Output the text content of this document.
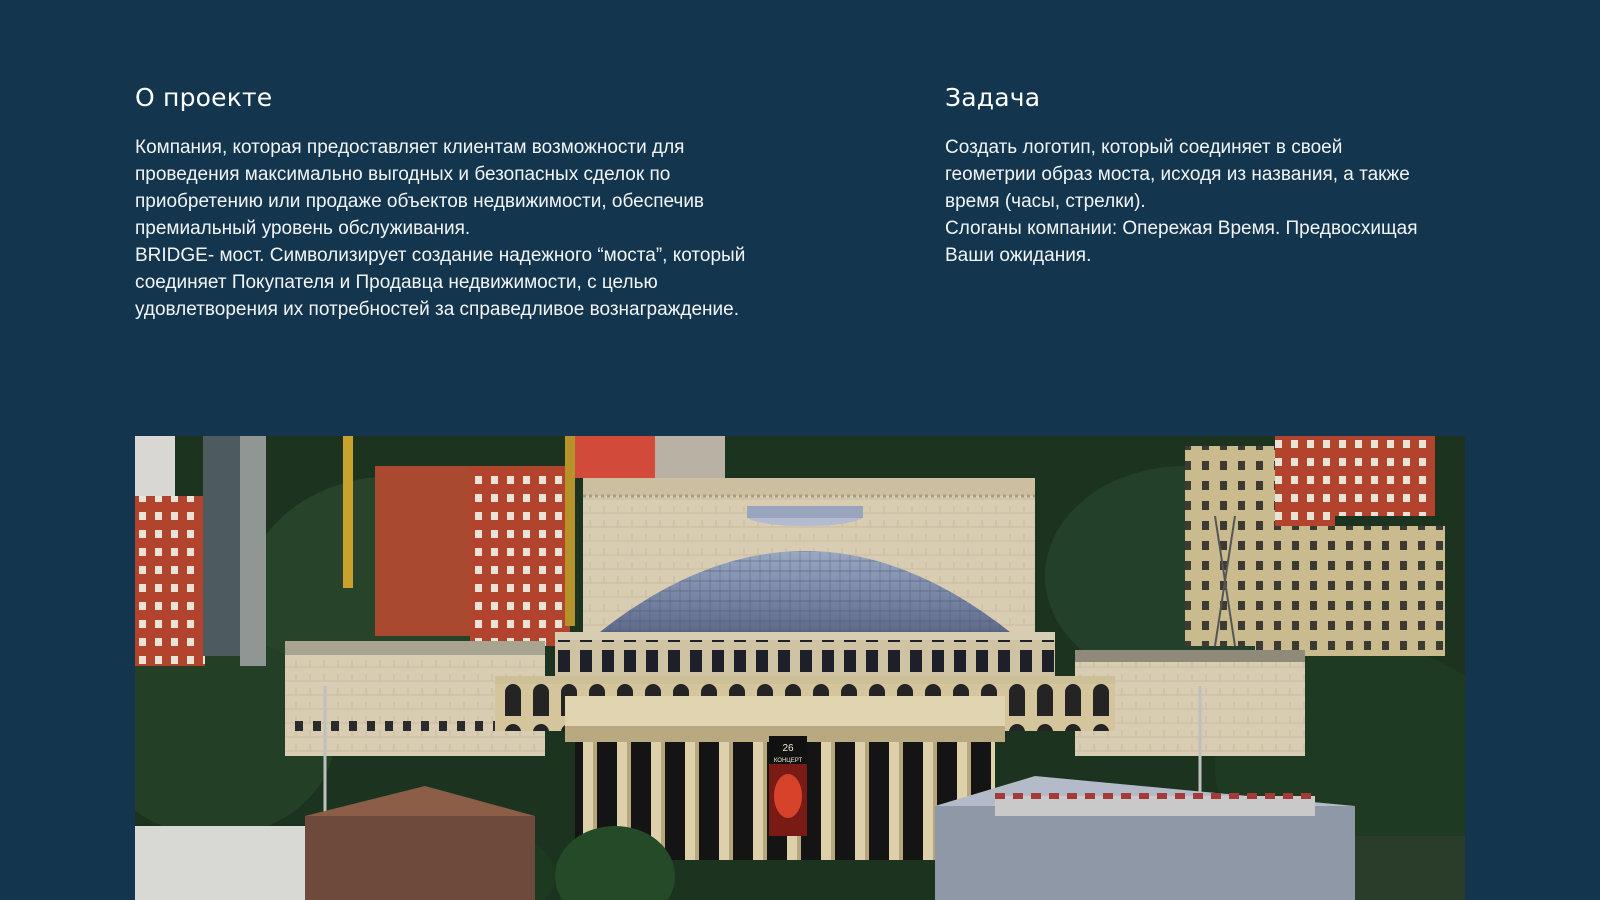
О проекте

Компания, которая предоставляет клиентам возможности для

проведения максимально выгодных и безопасных сделок по

приобретению или продаже объектов недвижимости, обеспечив

премиальный уровень обслуживания.

BRIDGE- мост. Символизирует создание надежного “моста”, который

соединяет Покупателя и Продавца недвижимости, с целью

удовлетворения их потребностей за справедливое вознаграждение.

Задача

Создать логотип, который соединяет в своей

геометрии образ моста, исходя из названия, а также

время (часы, стрелки).

Слоганы компании: Опережая Время. Предвосхищая

Ваши ожидания.

26
КОНЦЕРТ
